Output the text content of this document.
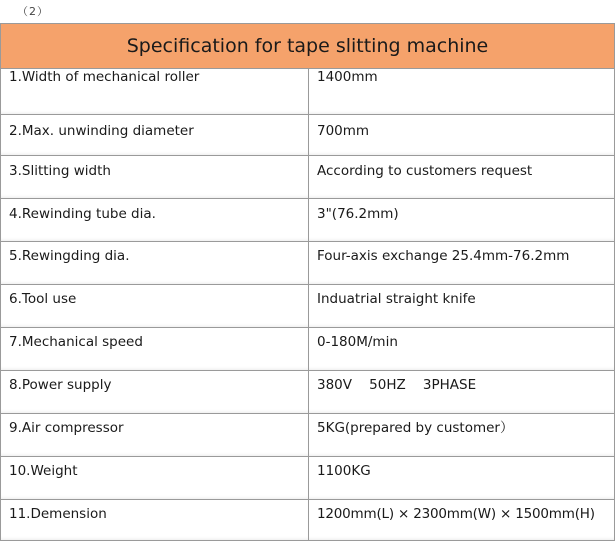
（2）
Specification for tape slitting machine	

1.Width of mechanical roller	1400mm

2.Max. unwinding diameter	700mm

3.Slitting width	According to customers request

4.Rewinding tube dia.	3"(76.2mm)

5.Rewingding dia.	Four-axis exchange 25.4mm-76.2mm

6.Tool use	Induatrial straight knife

7.Mechanical speed	0-180M/min

8.Power supply	380V    50HZ    3PHASE

9.Air compressor	5KG(prepared by customer）

10.Weight	1100KG

11.Demension	1200mm(L) × 2300mm(W) × 1500mm(H)
